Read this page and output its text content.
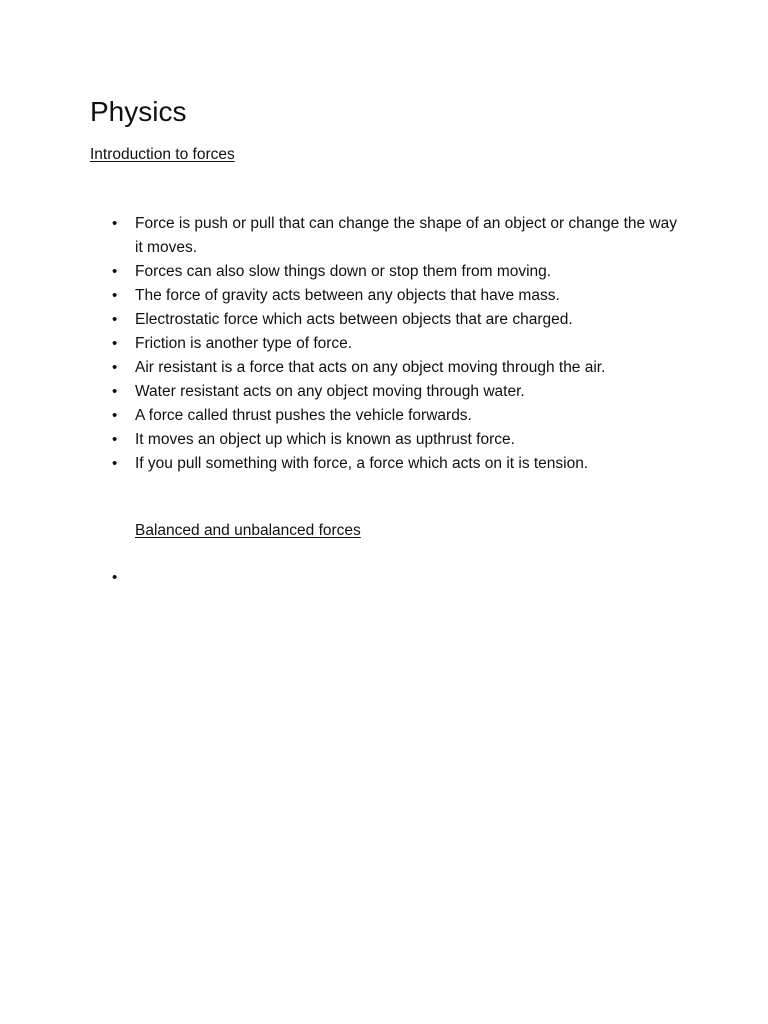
Physics

Introduction to forces

• Force is push or pull that can change the shape of an object or change the way it moves.
• Forces can also slow things down or stop them from moving.
• The force of gravity acts between any objects that have mass.
• Electrostatic force which acts between objects that are charged.
• Friction is another type of force.
• Air resistant is a force that acts on any object moving through the air.
• Water resistant acts on any object moving through water.
• A force called thrust pushes the vehicle forwards.
• It moves an object up which is known as upthrust force.
• If you pull something with force, a force which acts on it is tension.

Balanced and unbalanced forces

•
